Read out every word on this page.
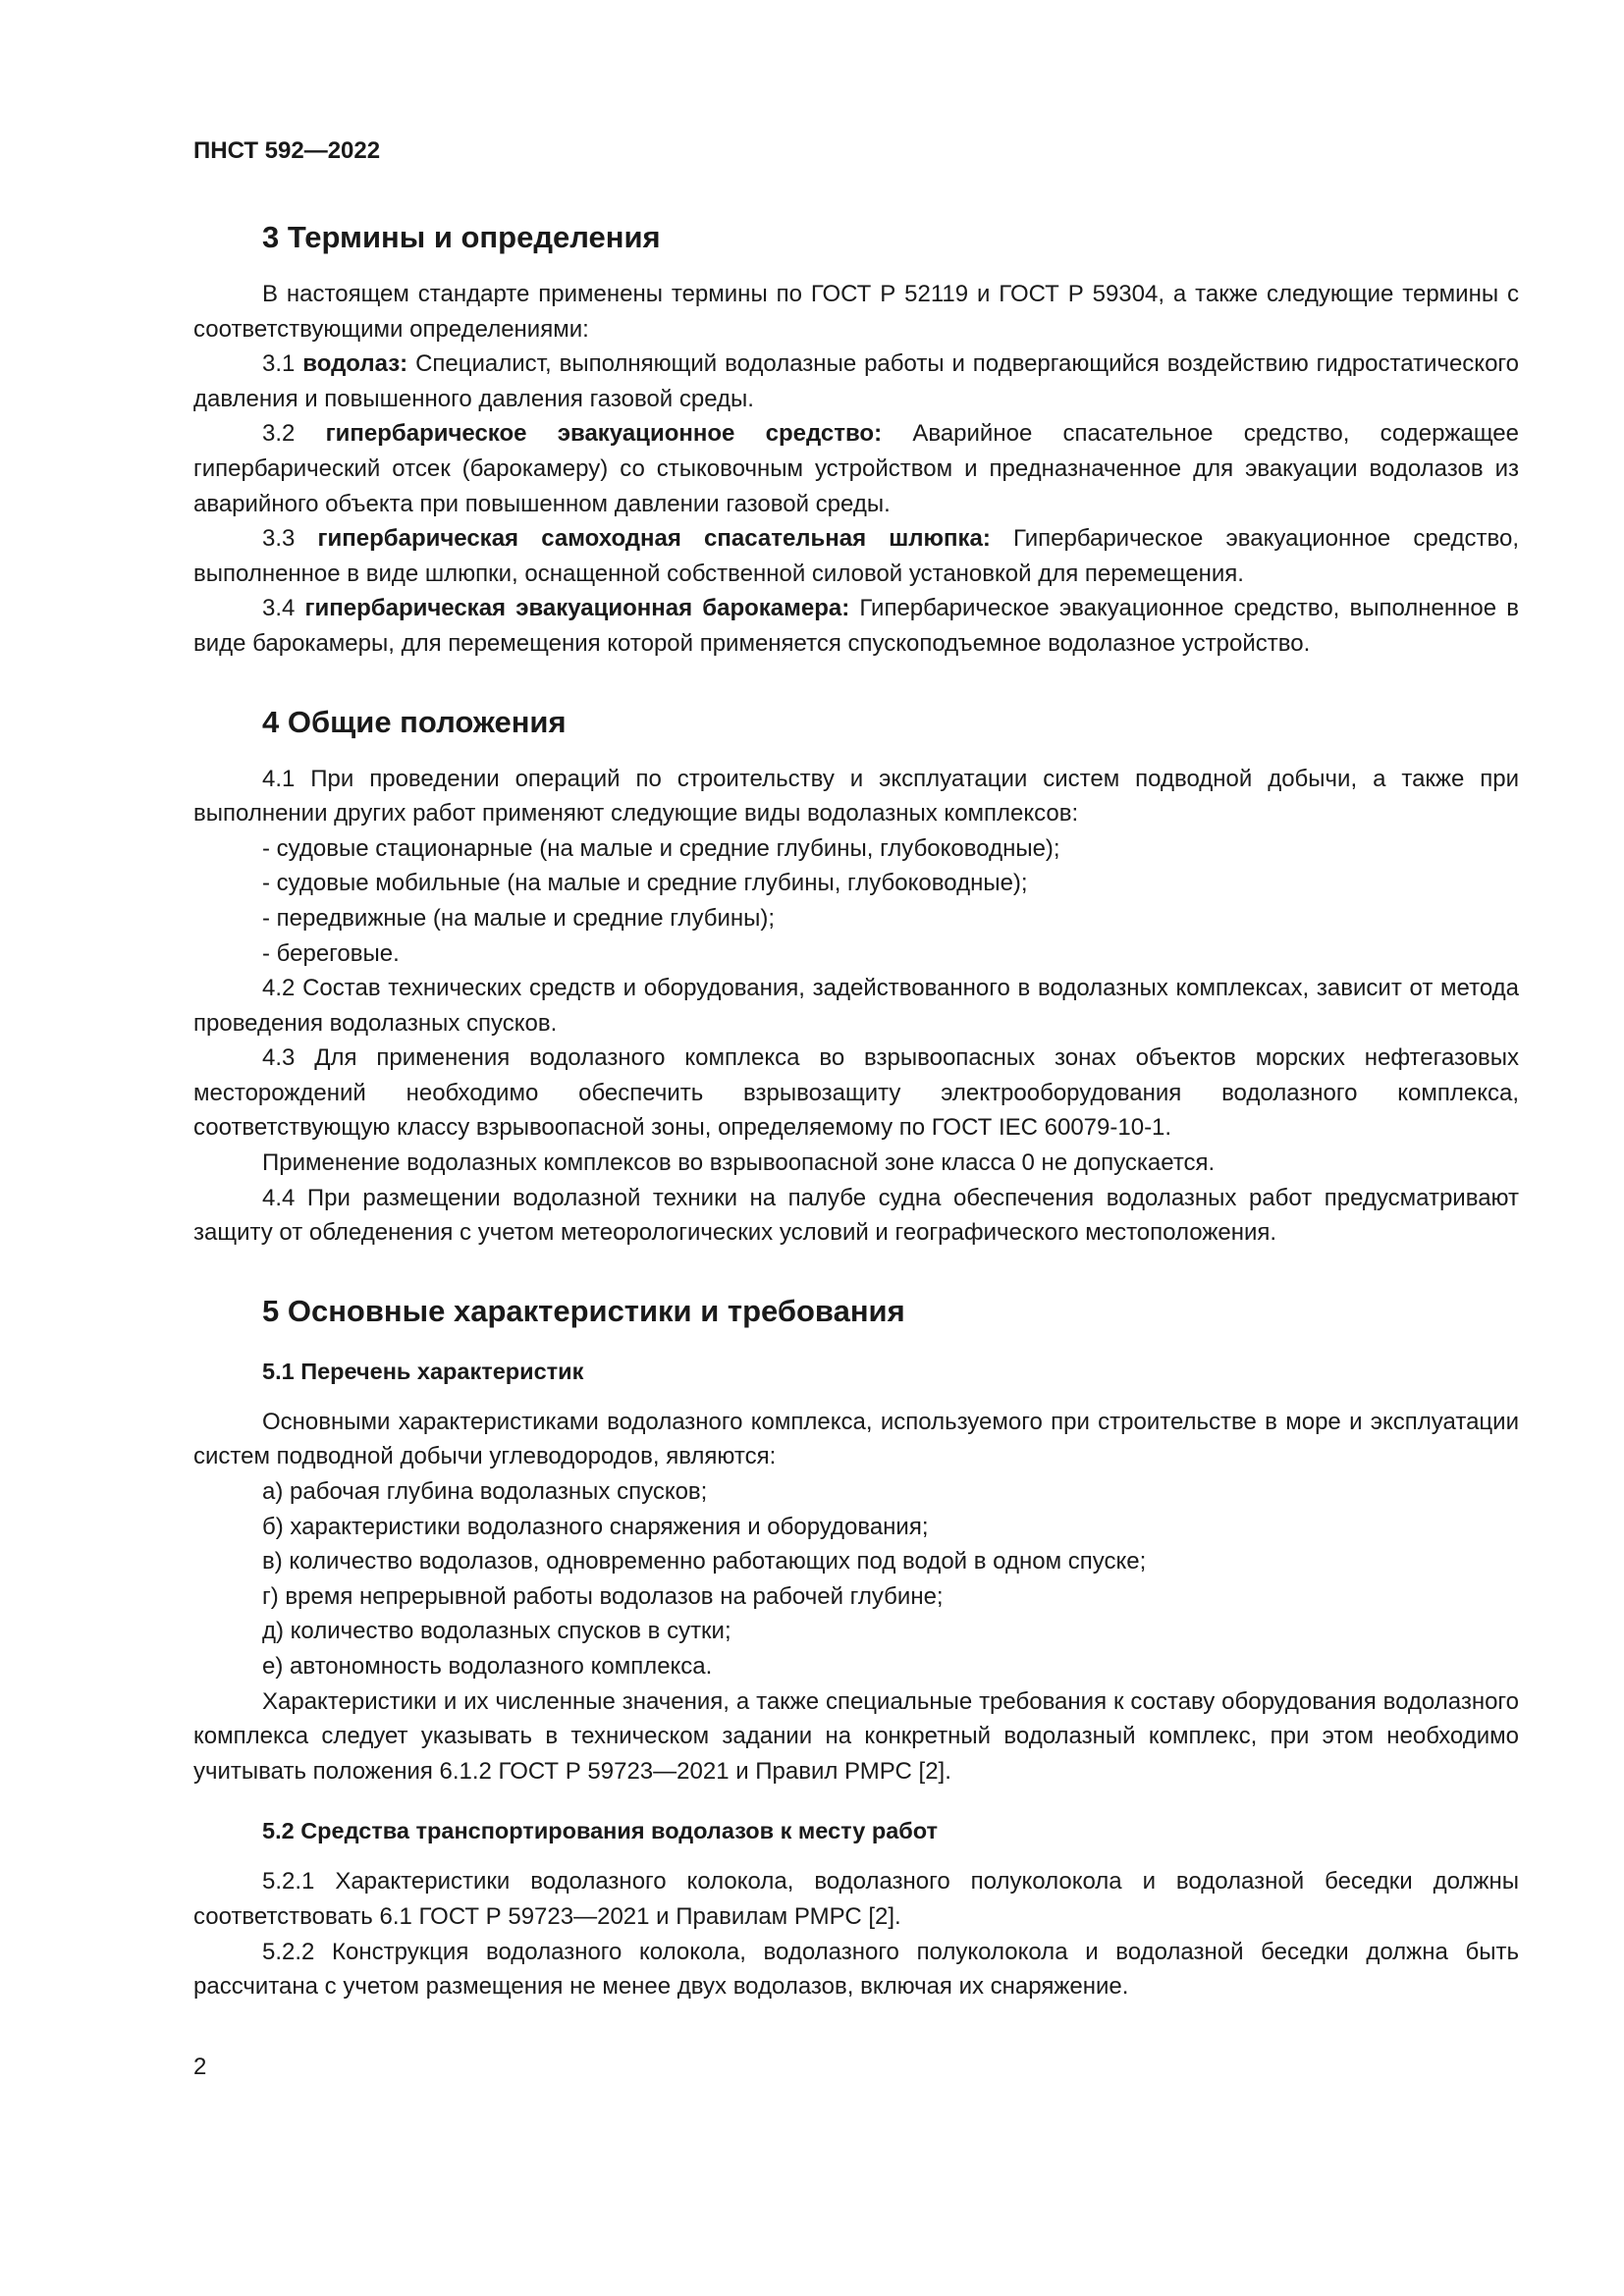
ПНСТ 592—2022
3 Термины и определения

В настоящем стандарте применены термины по ГОСТ Р 52119 и ГОСТ Р 59304, а также следующие термины с соответствующими определениями:

3.1 водолаз: Специалист, выполняющий водолазные работы и подвергающийся воздействию гидростатического давления и повышенного давления газовой среды.

3.2 гипербарическое эвакуационное средство: Аварийное спасательное средство, содержащее гипербарический отсек (барокамеру) со стыковочным устройством и предназначенное для эвакуации водолазов из аварийного объекта при повышенном давлении газовой среды.

3.3 гипербарическая самоходная спасательная шлюпка: Гипербарическое эвакуационное средство, выполненное в виде шлюпки, оснащенной собственной силовой установкой для перемещения.

3.4 гипербарическая эвакуационная барокамера: Гипербарическое эвакуационное средство, выполненное в виде барокамеры, для перемещения которой применяется спускоподъемное водолазное устройство.

4 Общие положения

4.1 При проведении операций по строительству и эксплуатации систем подводной добычи, а также при выполнении других работ применяют следующие виды водолазных комплексов:

- судовые стационарные (на малые и средние глубины, глубоководные);

- судовые мобильные (на малые и средние глубины, глубоководные);

- передвижные (на малые и средние глубины);

- береговые.

4.2 Состав технических средств и оборудования, задействованного в водолазных комплексах, зависит от метода проведения водолазных спусков.

4.3 Для применения водолазного комплекса во взрывоопасных зонах объектов морских нефтегазовых месторождений необходимо обеспечить взрывозащиту электрооборудования водолазного комплекса, соответствующую классу взрывоопасной зоны, определяемому по ГОСТ IEC 60079-10-1.

Применение водолазных комплексов во взрывоопасной зоне класса 0 не допускается.

4.4 При размещении водолазной техники на палубе судна обеспечения водолазных работ предусматривают защиту от обледенения с учетом метеорологических условий и географического местоположения.

5 Основные характеристики и требования
5.1 Перечень характеристик

Основными характеристиками водолазного комплекса, используемого при строительстве в море и эксплуатации систем подводной добычи углеводородов, являются:

а) рабочая глубина водолазных спусков;

б) характеристики водолазного снаряжения и оборудования;

в) количество водолазов, одновременно работающих под водой в одном спуске;

г) время непрерывной работы водолазов на рабочей глубине;

д) количество водолазных спусков в сутки;

е) автономность водолазного комплекса.

Характеристики и их численные значения, а также специальные требования к составу оборудования водолазного комплекса следует указывать в техническом задании на конкретный водолазный комплекс, при этом необходимо учитывать положения 6.1.2 ГОСТ Р 59723—2021 и Правил РМРС [2].

5.2 Средства транспортирования водолазов к месту работ

5.2.1 Характеристики водолазного колокола, водолазного полуколокола и водолазной беседки должны соответствовать 6.1 ГОСТ Р 59723—2021 и Правилам РМРС [2].

5.2.2 Конструкция водолазного колокола, водолазного полуколокола и водолазной беседки должна быть рассчитана с учетом размещения не менее двух водолазов, включая их снаряжение.

2
